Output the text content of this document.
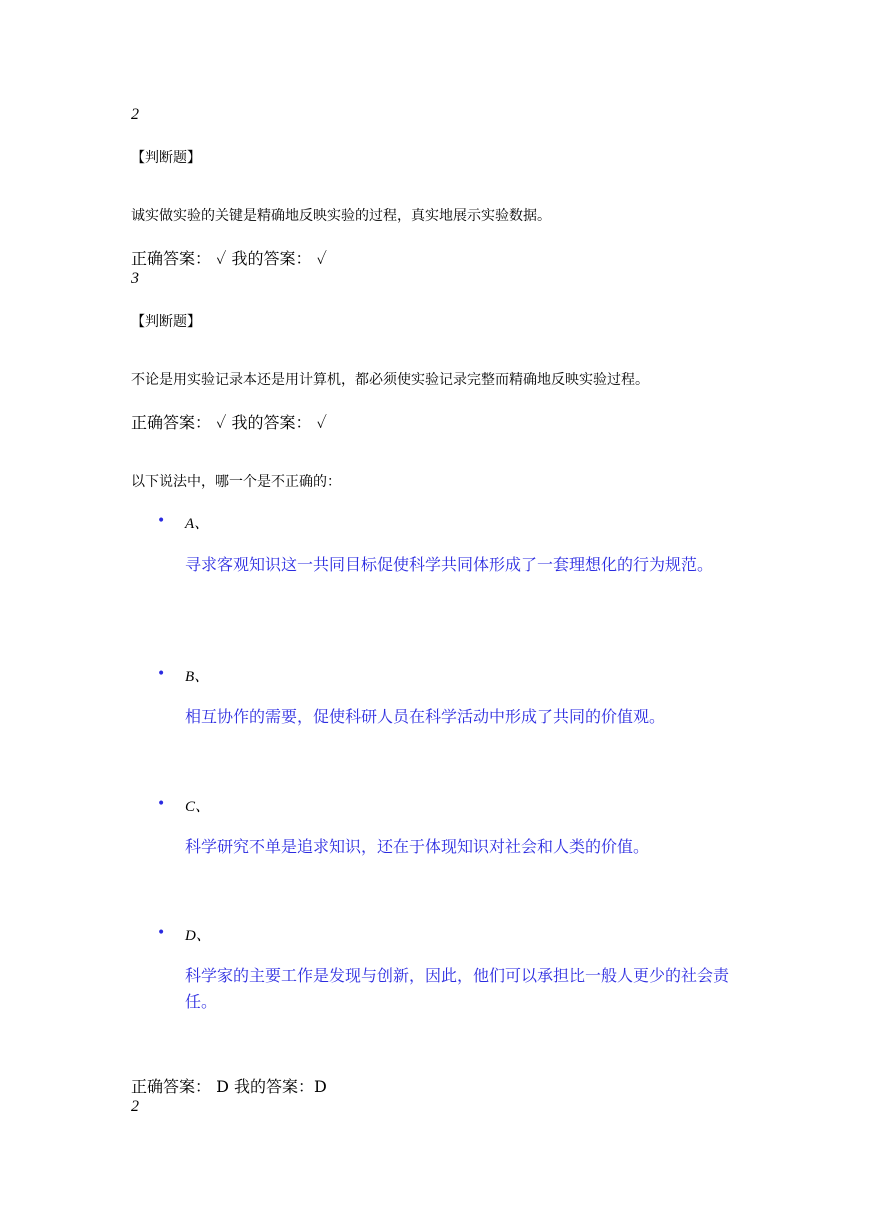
2
【判断题】
诚实做实验的关键是精确地反映实验的过程，真实地展示实验数据。
正确答案： ✓ 我的答案： ✓
3
【判断题】
不论是用实验记录本还是用计算机，都必须使实验记录完整而精确地反映实验过程。
正确答案： ✓ 我的答案： ✓
以下说法中，哪一个是不正确的：
• A、
寻求客观知识这一共同目标促使科学共同体形成了一套理想化的行为规范。
• B、
相互协作的需要，促使科研人员在科学活动中形成了共同的价值观。
• C、
科学研究不单是追求知识，还在于体现知识对社会和人类的价值。
• D、
科学家的主要工作是发现与创新，因此，他们可以承担比一般人更少的社会责任。
正确答案： D 我的答案：D
2
